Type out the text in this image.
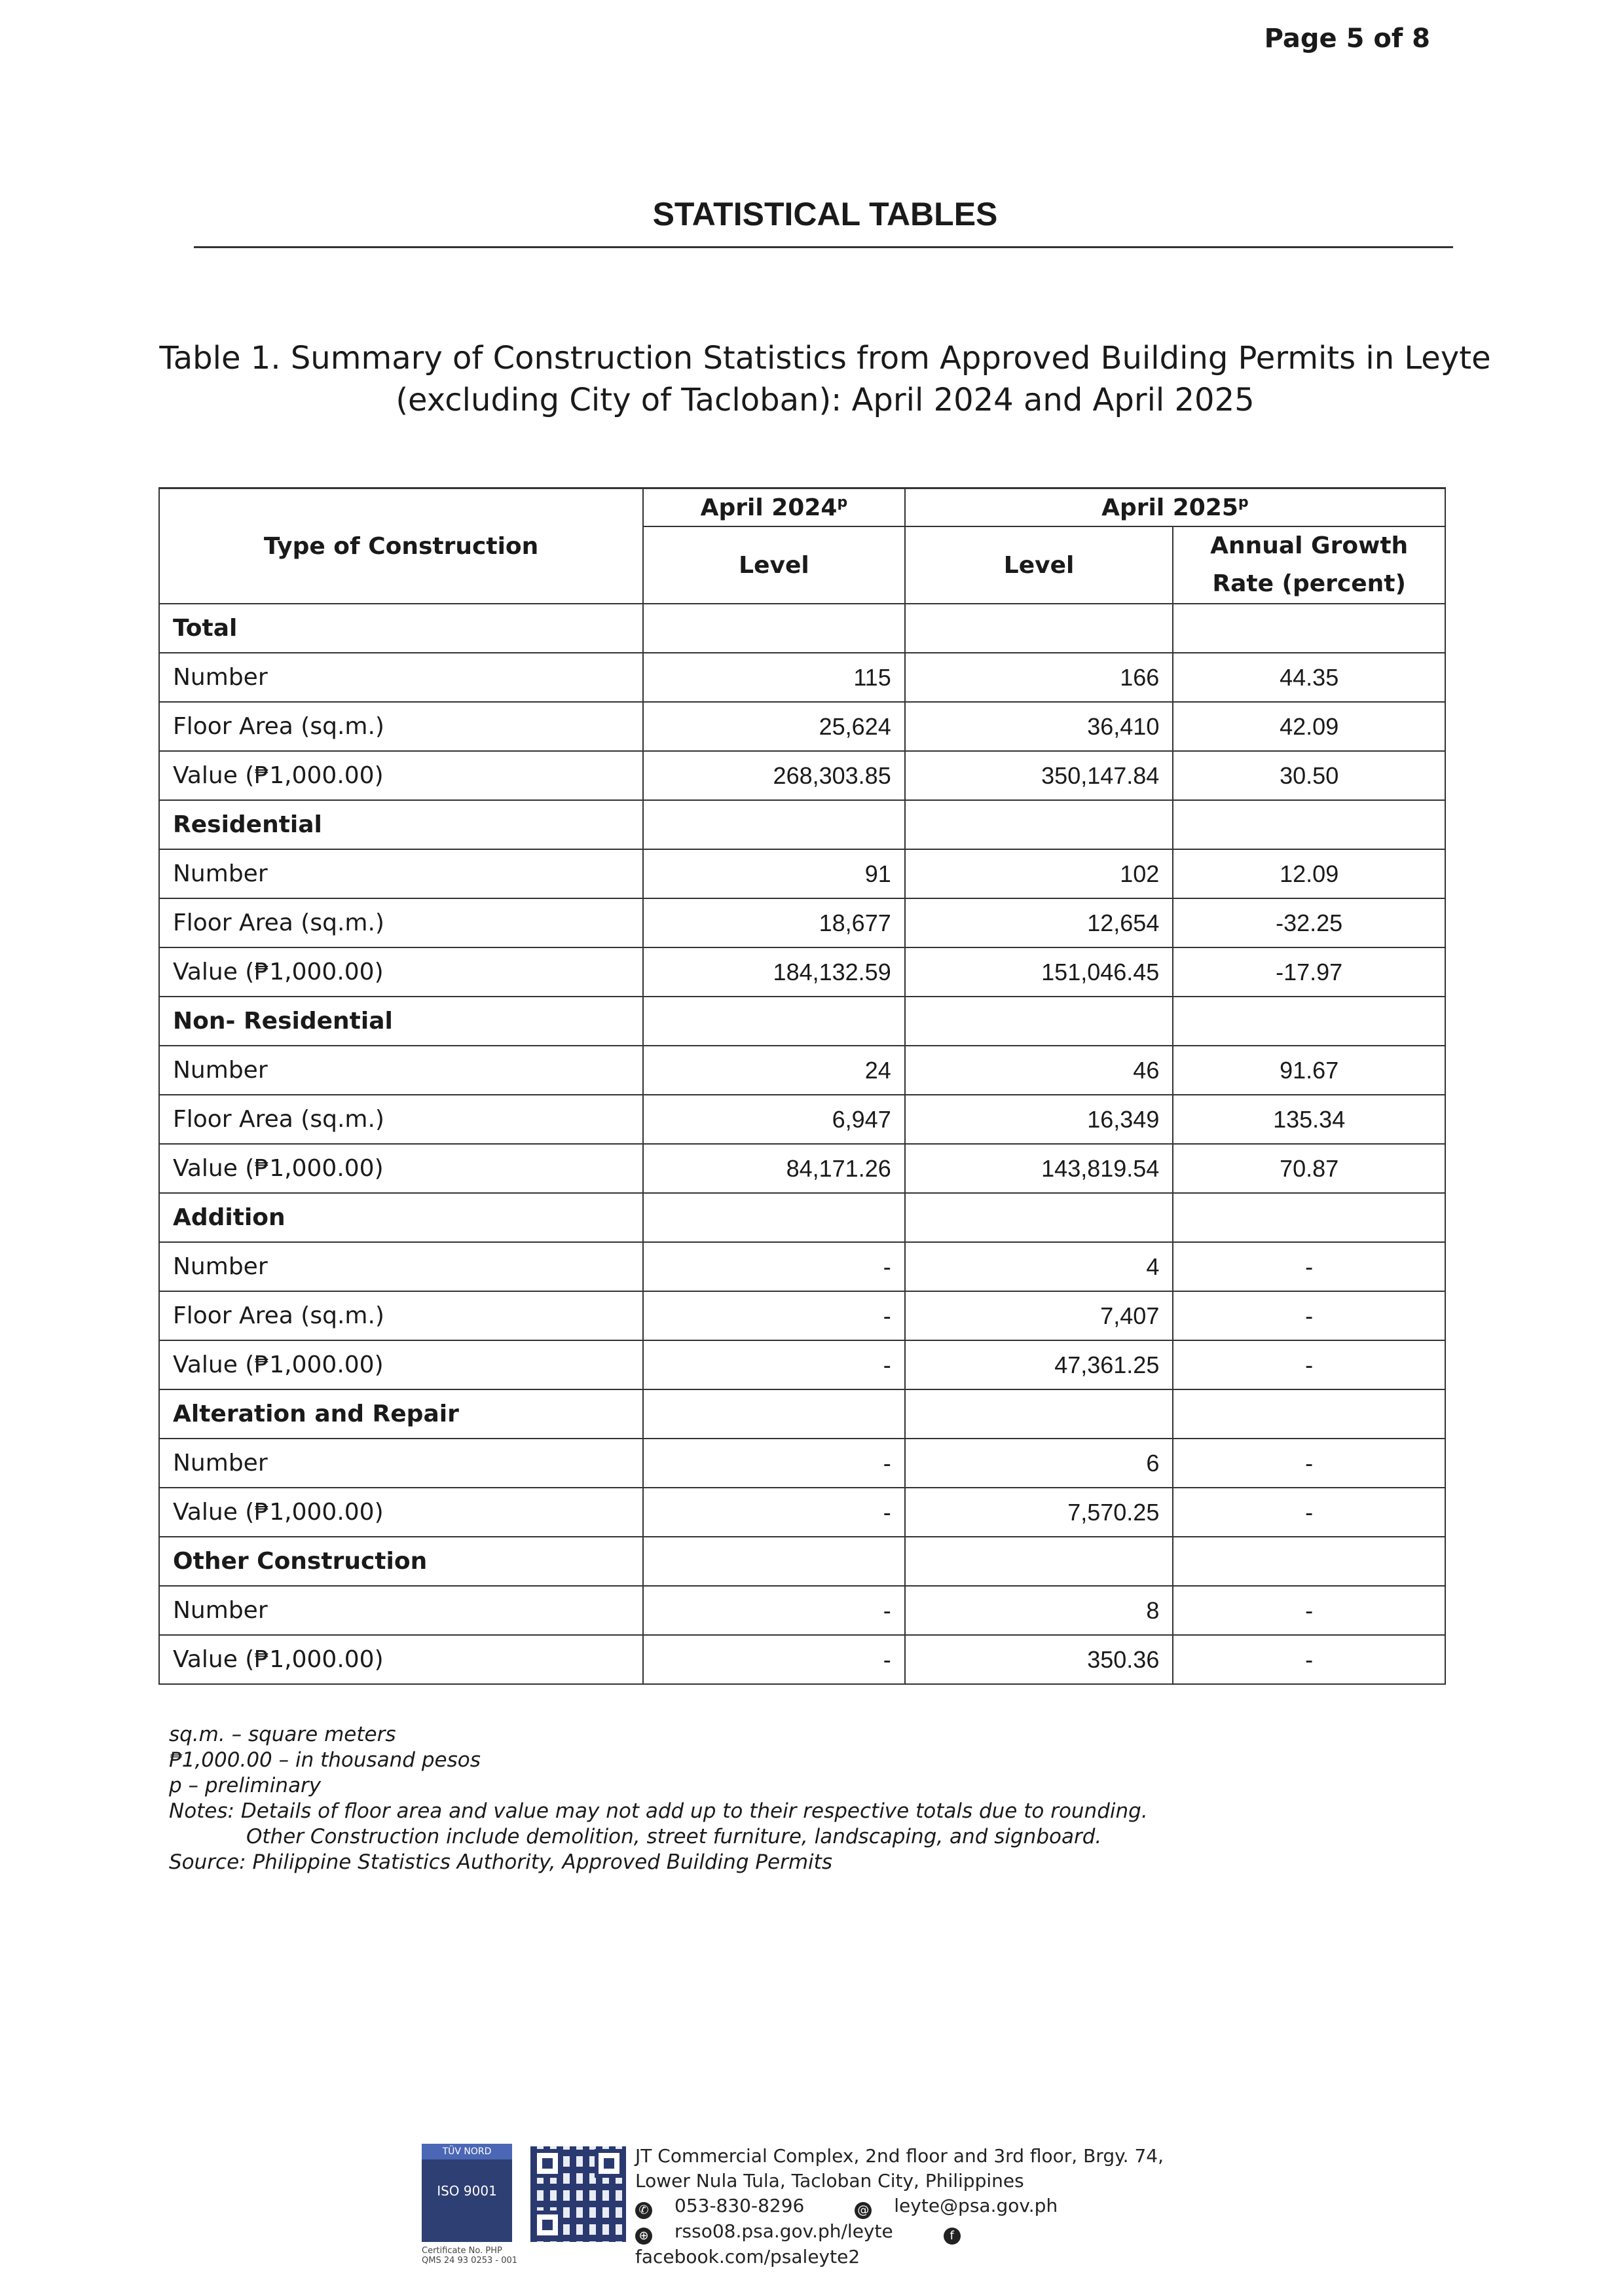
Page 5 of 8
STATISTICAL TABLES
Table 1. Summary of Construction Statistics from Approved Building Permits in Leyte
(excluding City of Tacloban): April 2024 and April 2025
Type of Construction	April 2024$^p$	April 2025$^p$
	Level	Level	Annual Growth
Rate (percent)

Total			
Number	115	166	44.35
Floor Area (sq.m.)	25,624	36,410	42.09
Value (₱1,000.00)	268,303.85	350,147.84	30.50
Residential			
Number	91	102	12.09
Floor Area (sq.m.)	18,677	12,654	-32.25
Value (₱1,000.00)	184,132.59	151,046.45	-17.97
Non- Residential			
Number	24	46	91.67
Floor Area (sq.m.)	6,947	16,349	135.34
Value (₱1,000.00)	84,171.26	143,819.54	70.87
Addition			
Number	-	4	-
Floor Area (sq.m.)	-	7,407	-
Value (₱1,000.00)	-	47,361.25	-
Alteration and Repair			
Number	-	6	-
Value (₱1,000.00)	-	7,570.25	-
Other Construction			
Number	-	8	-
Value (₱1,000.00)	-	350.36	-
sq.m. – square meters
₱1,000.00 – in thousand pesos
p – preliminary
Notes: Details of floor area and value may not add up to their respective totals due to rounding.
Other Construction include demolition, street furniture, landscaping, and signboard.
Source: Philippine Statistics Authority, Approved Building Permits
TÜV NORD
ISO 9001
Certificate No. PHP
QMS 24 93 0253 - 001
JT Commercial Complex, 2nd floor and 3rd floor, Brgy. 74,
Lower Nula Tula, Tacloban City, Philippines
✆ 053-830-8296	@ leyte@psa.gov.ph
⊕ rsso08.psa.gov.ph/leyte	ffacebook.com/psaleyte2
